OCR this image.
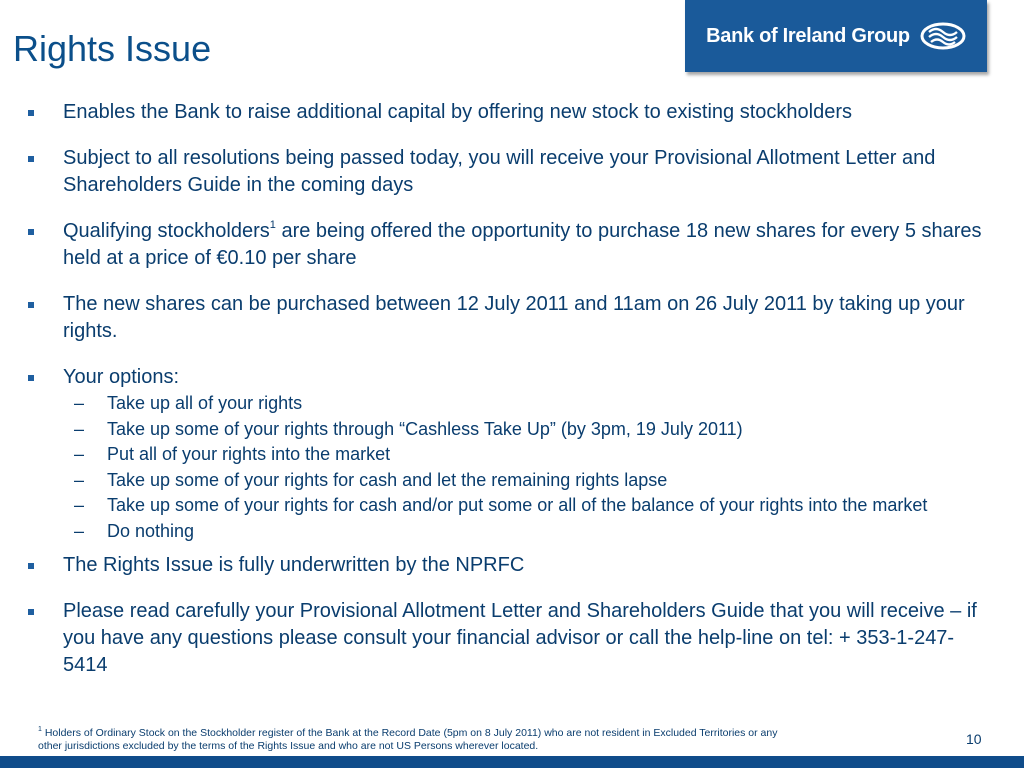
Rights Issue	Bank of Ireland Group
Enables the Bank to raise additional capital by offering new stock to existing stockholders
Subject to all resolutions being passed today, you will receive your Provisional Allotment Letter and Shareholders Guide in the coming days
Qualifying stockholders$^1$ are being offered the opportunity to purchase 18 new shares for every 5 shares held at a price of €0.10 per share
The new shares can be purchased between 12 July 2011 and 11am on 26 July 2011 by taking up your rights.
Your options:
– Take up all of your rights
– Take up some of your rights through “Cashless Take Up” (by 3pm, 19 July 2011)
– Put all of your rights into the market
– Take up some of your rights for cash and let the remaining rights lapse
– Take up some of your rights for cash and/or put some or all of the balance of your rights into the market
– Do nothing
The Rights Issue is fully underwritten by the NPRFC
Please read carefully your Provisional Allotment Letter and Shareholders Guide that you will receive – if you have any questions please consult your financial advisor or call the help-line on tel: + 353-1-247-5414
$^1$ Holders of Ordinary Stock on the Stockholder register of the Bank at the Record Date (5pm on 8 July 2011) who are not resident in Excluded Territories or any other jurisdictions excluded by the terms of the Rights Issue and who are not US Persons wherever located.	10
